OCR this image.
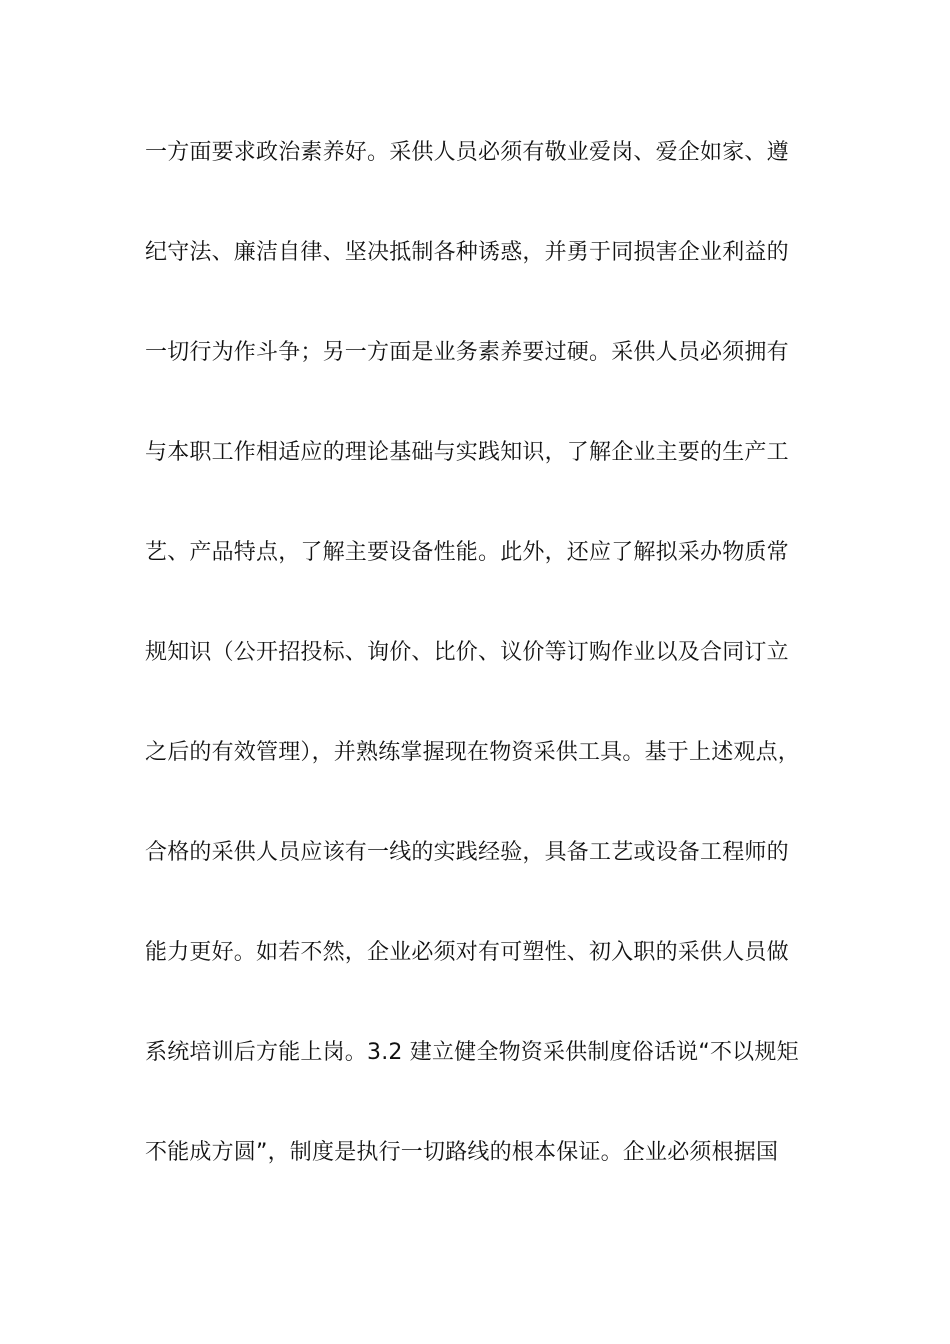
一方面要求政治素养好。采供人员必须有敬业爱岗、爱企如家、遵
纪守法、廉洁自律、坚决抵制各种诱惑，并勇于同损害企业利益的
一切行为作斗争；另一方面是业务素养要过硬。采供人员必须拥有
与本职工作相适应的理论基础与实践知识，了解企业主要的生产工
艺、产品特点，了解主要设备性能。此外，还应了解拟采办物质常
规知识（公开招投标、询价、比价、议价等订购作业以及合同订立
之后的有效管理），并熟练掌握现在物资采供工具。基于上述观点，
合格的采供人员应该有一线的实践经验，具备工艺或设备工程师的
能力更好。如若不然，企业必须对有可塑性、初入职的采供人员做
系统培训后方能上岗。3.2 建立健全物资采供制度俗话说“不以规矩
不能成方圆”，制度是执行一切路线的根本保证。企业必须根据国
